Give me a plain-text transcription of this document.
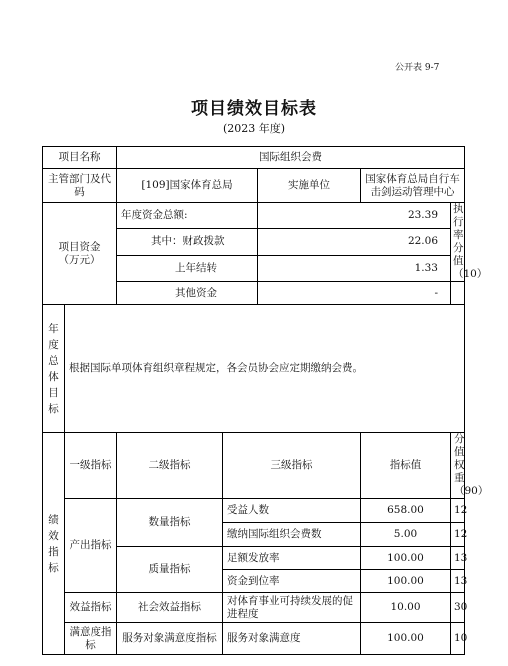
公开表 9-7
项目绩效目标表
(2023 年度)
项目名称		国际组织会费				
主管部门及代码		[109]国家体育总局		实施单位	国家体育总局自行车击剑运动管理中心	

项目资金
（万元）		年度资金总额:		23.39		执行率分值（10）
		其中：财政拨款		22.06		
		上年结转		1.33		
		其他资金		-		
年度总体目标	根据国际单项体育组织章程规定，各会员协会应定期缴纳会费。					
绩效指标	一级指标	二级指标	三级指标		指标值	分值权重（90）
	产出指标	数量指标	受益人数		658.00	12
			缴纳国际组织会费数		5.00	12
		质量指标	足额发放率		100.00	13
			资金到位率		100.00	13
	效益指标	社会效益指标	对体育事业可持续发展的促进程度		10.00	30
	满意度指标	服务对象满意度指标	服务对象满意度		100.00	10
